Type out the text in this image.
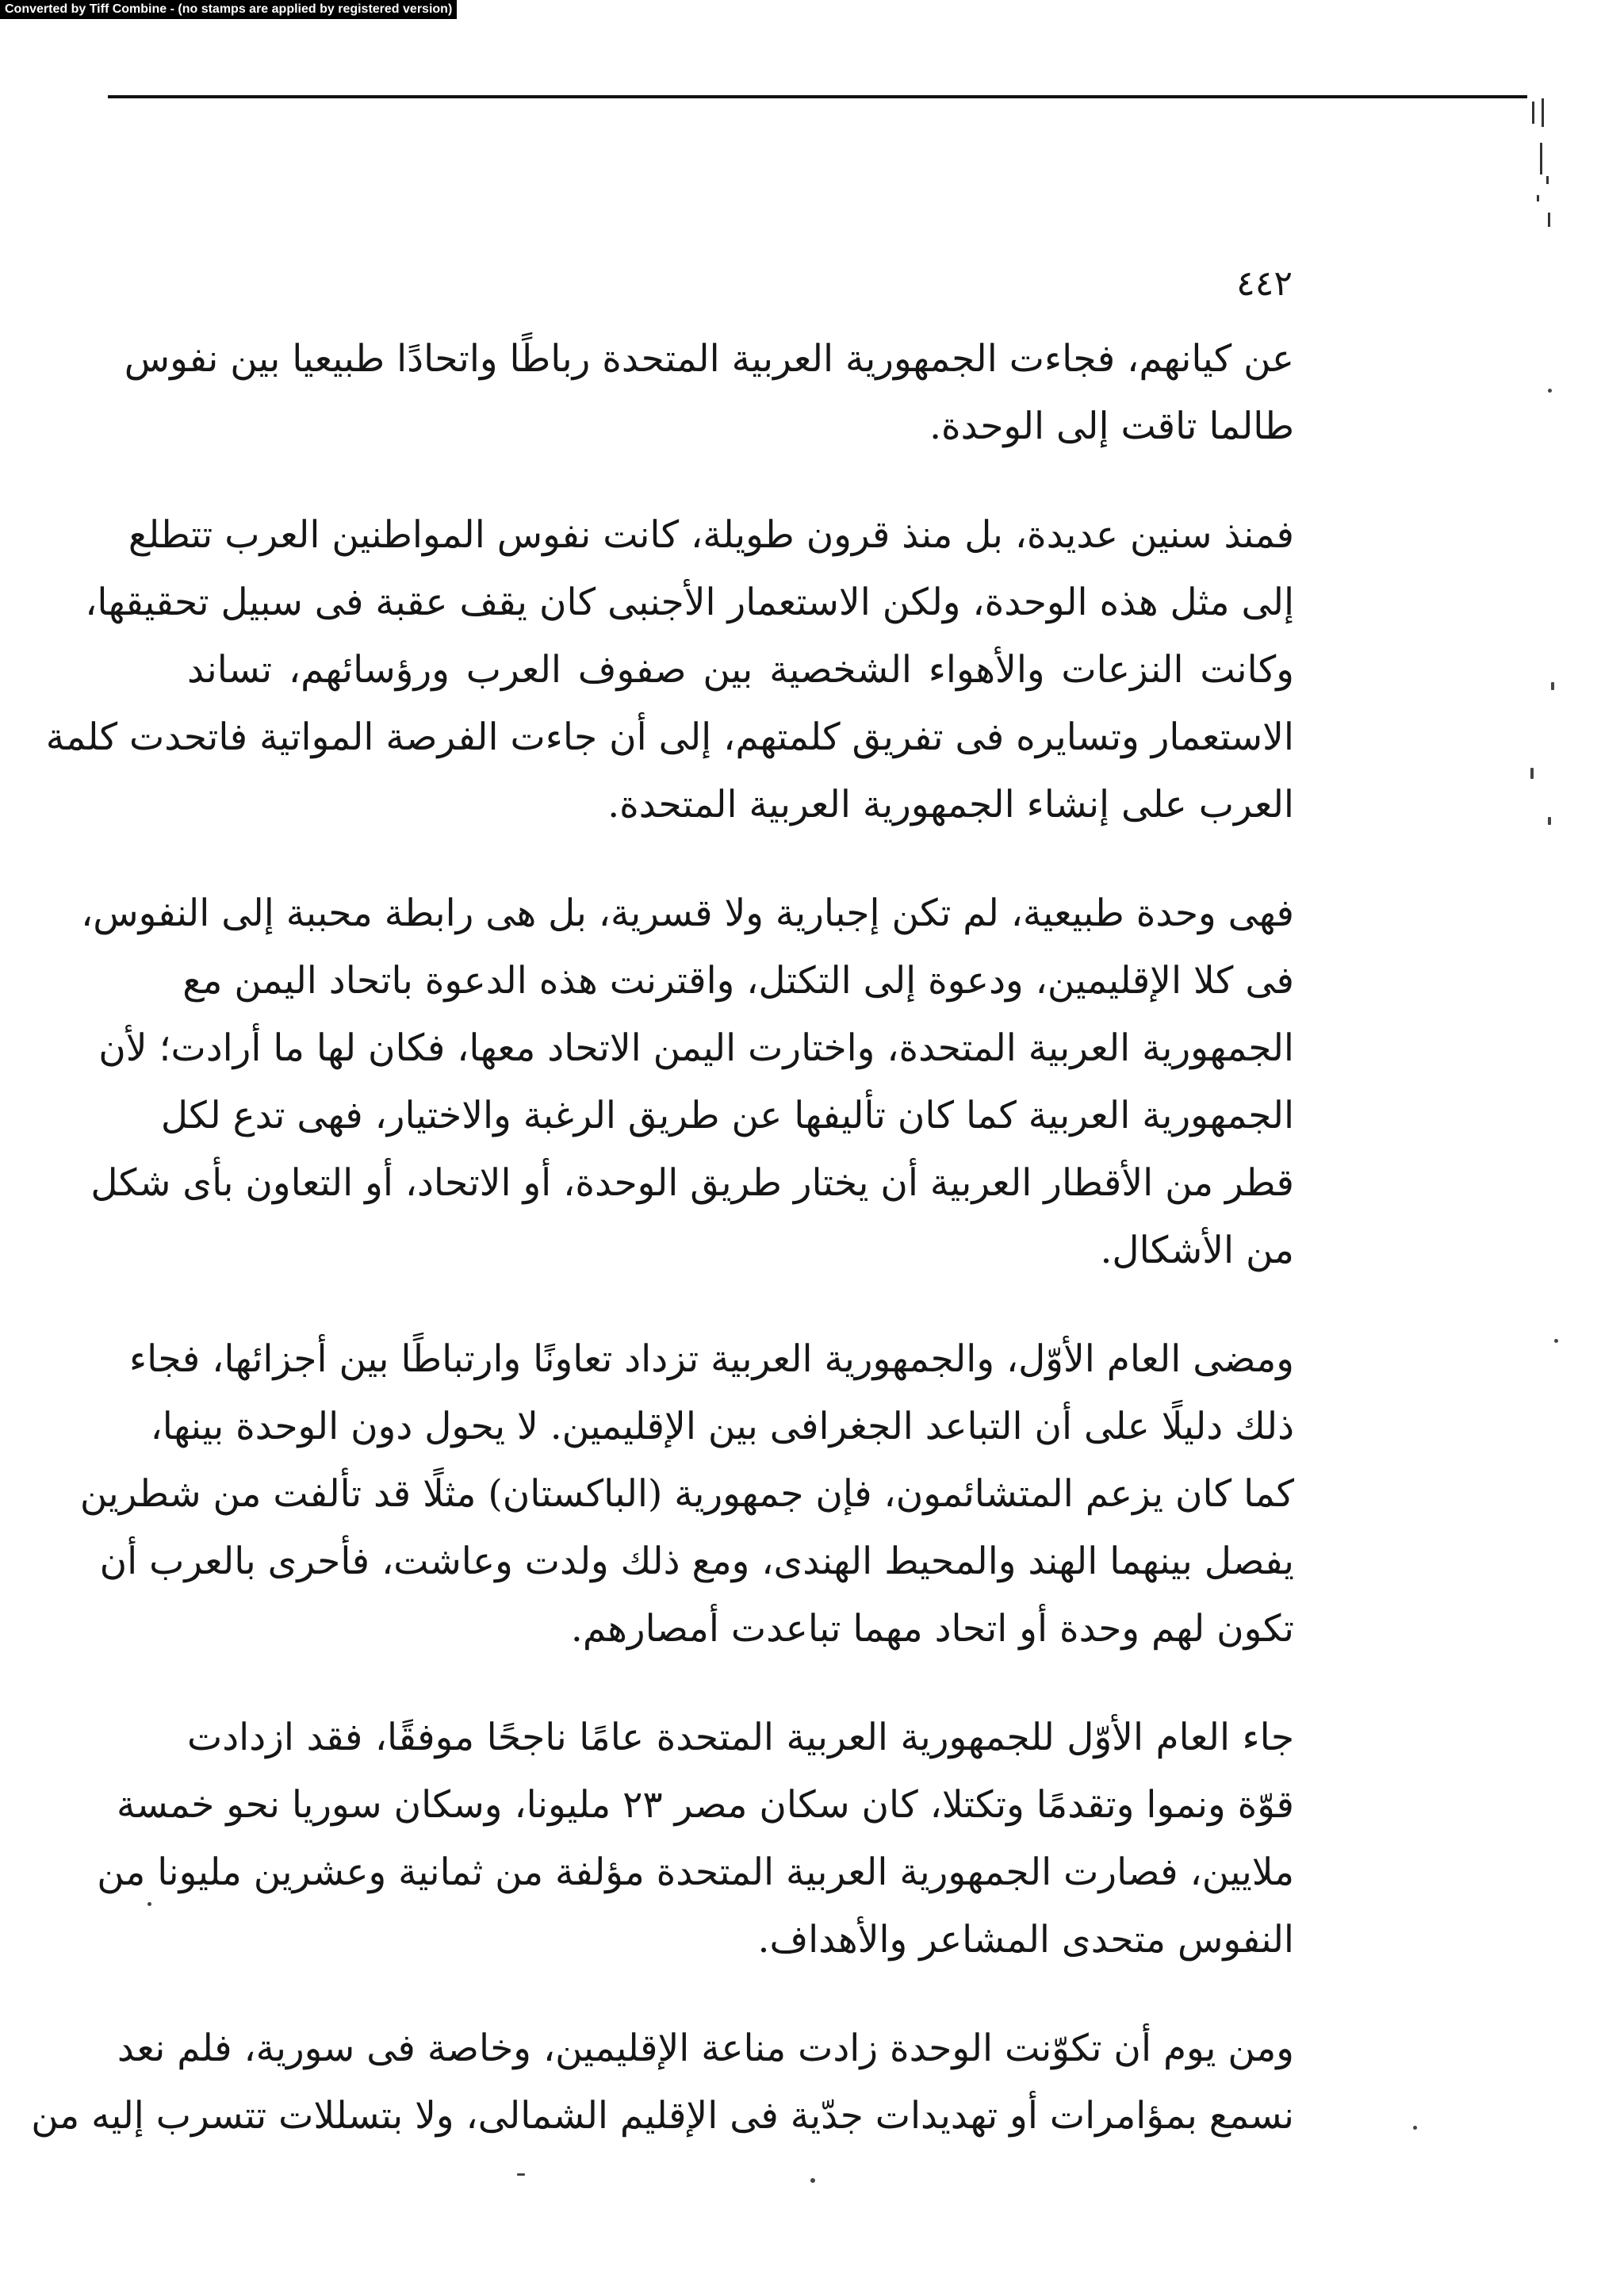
Converted by Tiff Combine - (no stamps are applied by registered version)
٤٤٢
عن كيانهم، فجاءت الجمهورية العربية المتحدة رباطًا واتحادًا طبيعيا بين نفوس
طالما تاقت إلى الوحدة.
فمنذ سنين عديدة، بل منذ قرون طويلة، كانت نفوس المواطنين العرب تتطلع
إلى مثل هذه الوحدة، ولكن الاستعمار الأجنبى كان يقف عقبة فى سبيل تحقيقها،
وكانت النزعات والأهواء الشخصية بين صفوف العرب ورؤسائهم، تساند
الاستعمار وتسايره فى تفريق كلمتهم، إلى أن جاءت الفرصة المواتية فاتحدت كلمة
العرب على إنشاء الجمهورية العربية المتحدة.
فهى وحدة طبيعية، لم تكن إجبارية ولا قسرية، بل هى رابطة محببة إلى النفوس،
فى كلا الإقليمين، ودعوة إلى التكتل، واقترنت هذه الدعوة باتحاد اليمن مع
الجمهورية العربية المتحدة، واختارت اليمن الاتحاد معها، فكان لها ما أرادت؛ لأن
الجمهورية العربية كما كان تأليفها عن طريق الرغبة والاختيار، فهى تدع لكل
قطر من الأقطار العربية أن يختار طريق الوحدة، أو الاتحاد، أو التعاون بأى شكل
من الأشكال.
ومضى العام الأوّل، والجمهورية العربية تزداد تعاونًا وارتباطًا بين أجزائها، فجاء
ذلك دليلًا على أن التباعد الجغرافى بين الإقليمين. لا يحول دون الوحدة بينها،
كما كان يزعم المتشائمون، فإن جمهورية (الباكستان) مثلًا قد تألفت من شطرين
يفصل بينهما الهند والمحيط الهندى، ومع ذلك ولدت وعاشت، فأحرى بالعرب أن
تكون لهم وحدة أو اتحاد مهما تباعدت أمصارهم.
جاء العام الأوّل للجمهورية العربية المتحدة عامًا ناجحًا موفقًا، فقد ازدادت
قوّة ونموا وتقدمًا وتكتلا، كان سكان مصر ٢٣ مليونا، وسكان سوريا نحو خمسة
ملايين، فصارت الجمهورية العربية المتحدة مؤلفة من ثمانية وعشرين مليونا من
النفوس متحدى المشاعر والأهداف.
ومن يوم أن تكوّنت الوحدة زادت مناعة الإقليمين، وخاصة فى سورية، فلم نعد
نسمع بمؤامرات أو تهديدات جدّية فى الإقليم الشمالى، ولا بتسللات تتسرب إليه من
